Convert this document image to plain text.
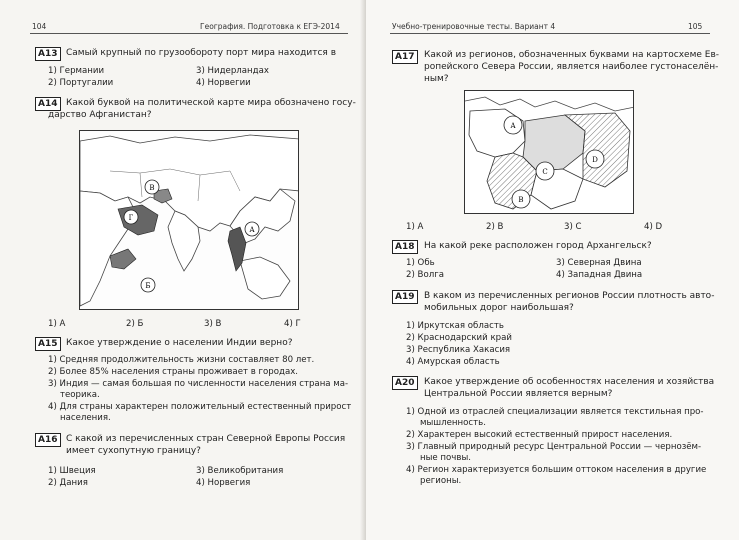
104	География. Подготовка к ЕГЭ-2014
А13 Самый крупный по грузообороту порт мира находится в
1) Германии
2) Португалии
3) Нидерландах
4) Норвегии
А14 Какой буквой на политической карте мира обозначено госу-
дарство Афганистан?
В
Г
Б
А
1) А	2) Б	3) В	4) Г
А15 Какое утверждение о населении Индии верно?
1) Средняя продолжительность жизни составляет 80 лет.
2) Более 85% населения страны проживает в городах.
3) Индия — самая большая по численности населения страна ма-
теорика.
4) Для страны характерен положительный естественный прирост
населения.
А16 С какой из перечисленных стран Северной Европы Россия
имеет сухопутную границу?
1) Швеция
2) Дания
3) Великобритания
4) Норвегия
Учебно-тренировочные тесты. Вариант 4	105
А17	Какой из регионов, обозначенных буквами на картосхеме Ев-
ропейского Севера России, является наиболее густонаселён-
ным?
А
В
С
D
1) А	2) В	3) С	4) D
А18	На какой реке расположен город Архангельск?
1) Обь
2) Волга
3) Северная Двина
4) Западная Двина
А19	В каком из перечисленных регионов России плотность авто-
мобильных дорог наибольшая?
1) Иркутская область
2) Краснодарский край
3) Республика Хакасия
4) Амурская область
А20	Какое утверждение об особенностях населения и хозяйства
Центральной России является верным?
1) Одной из отраслей специализации является текстильная про-
мышленность.
2) Характерен высокий естественный прирост населения.
3) Главный природный ресурс Центральной России — чернозём-
ные почвы.
4) Регион характеризуется большим оттоком населения в другие
регионы.
